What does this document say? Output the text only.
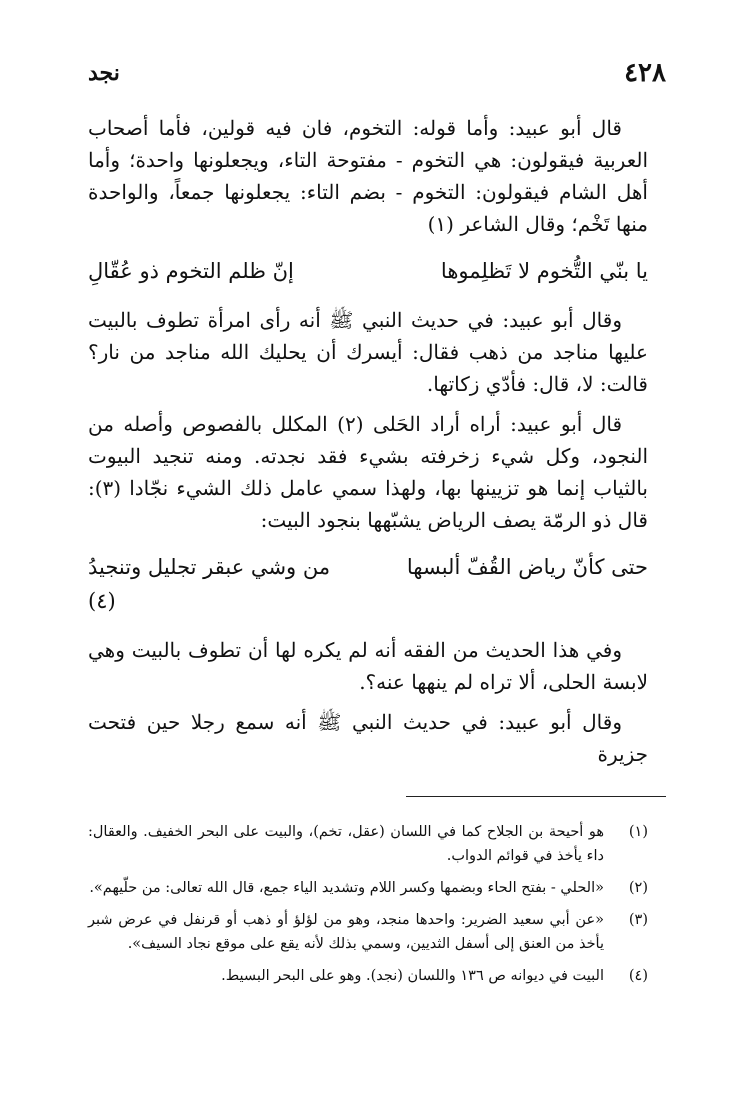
٤٢٨
نجد

قال أبو عبيد: وأما قوله: التخوم، فان فيه قولين، فأما أصحاب العربية فيقولون: هي التخوم - مفتوحة التاء، ويجعلونها واحدة؛ وأما أهل الشام فيقولون: التخوم - بضم التاء: يجعلونها جمعاً، والواحدة منها تَخْم؛ وقال الشاعر (١)

يا بنّي التُّخوم لا تَظلِموها
إنّ ظلم التخوم ذو عُقّالِ

وقال أبو عبيد: في حديث النبي ﷺ أنه رأى امرأة تطوف بالبيت عليها مناجد من ذهب فقال: أيسرك أن يحليك الله مناجد من نار؟ قالت: لا، قال: فأدّي زكاتها.

قال أبو عبيد: أراه أراد الحَلى (٢) المكلل بالفصوص وأصله من النجود، وكل شيء زخرفته بشيء فقد نجدته. ومنه تنجيد البيوت بالثياب إنما هو تزيينها بها، ولهذا سمي عامل ذلك الشيء نجّادا (٣): قال ذو الرمّة يصف الرياض يشبّهها بنجود البيت:

حتى كأنّ رياض القُفّ ألبسها
من وشي عبقر تجليل وتنجيدُ (٤)

وفي هذا الحديث من الفقه أنه لم يكره لها أن تطوف بالبيت وهي لابسة الحلى، ألا تراه لم ينهها عنه؟.

وقال أبو عبيد: في حديث النبي ﷺ أنه سمع رجلا حين فتحت جزيرة

(١)
هو أحيحة بن الجلاح كما في اللسان (عقل، تخم)، والبيت على البحر الخفيف. والعقال: داء يأخذ في قوائم الدواب.
(٢)
«الحلي - بفتح الحاء وبضمها وكسر اللام وتشديد الياء جمع، قال الله تعالى: من حلّيهم».
(٣)
«عن أبي سعيد الضرير: واحدها منجد، وهو من لؤلؤ أو ذهب أو قرنفل في عرض شبر يأخذ من العنق إلى أسفل الثديين، وسمي بذلك لأنه يقع على موقع نجاد السيف».
(٤)
البيت في ديوانه ص ١٣٦ واللسان (نجد). وهو على البحر البسيط.
